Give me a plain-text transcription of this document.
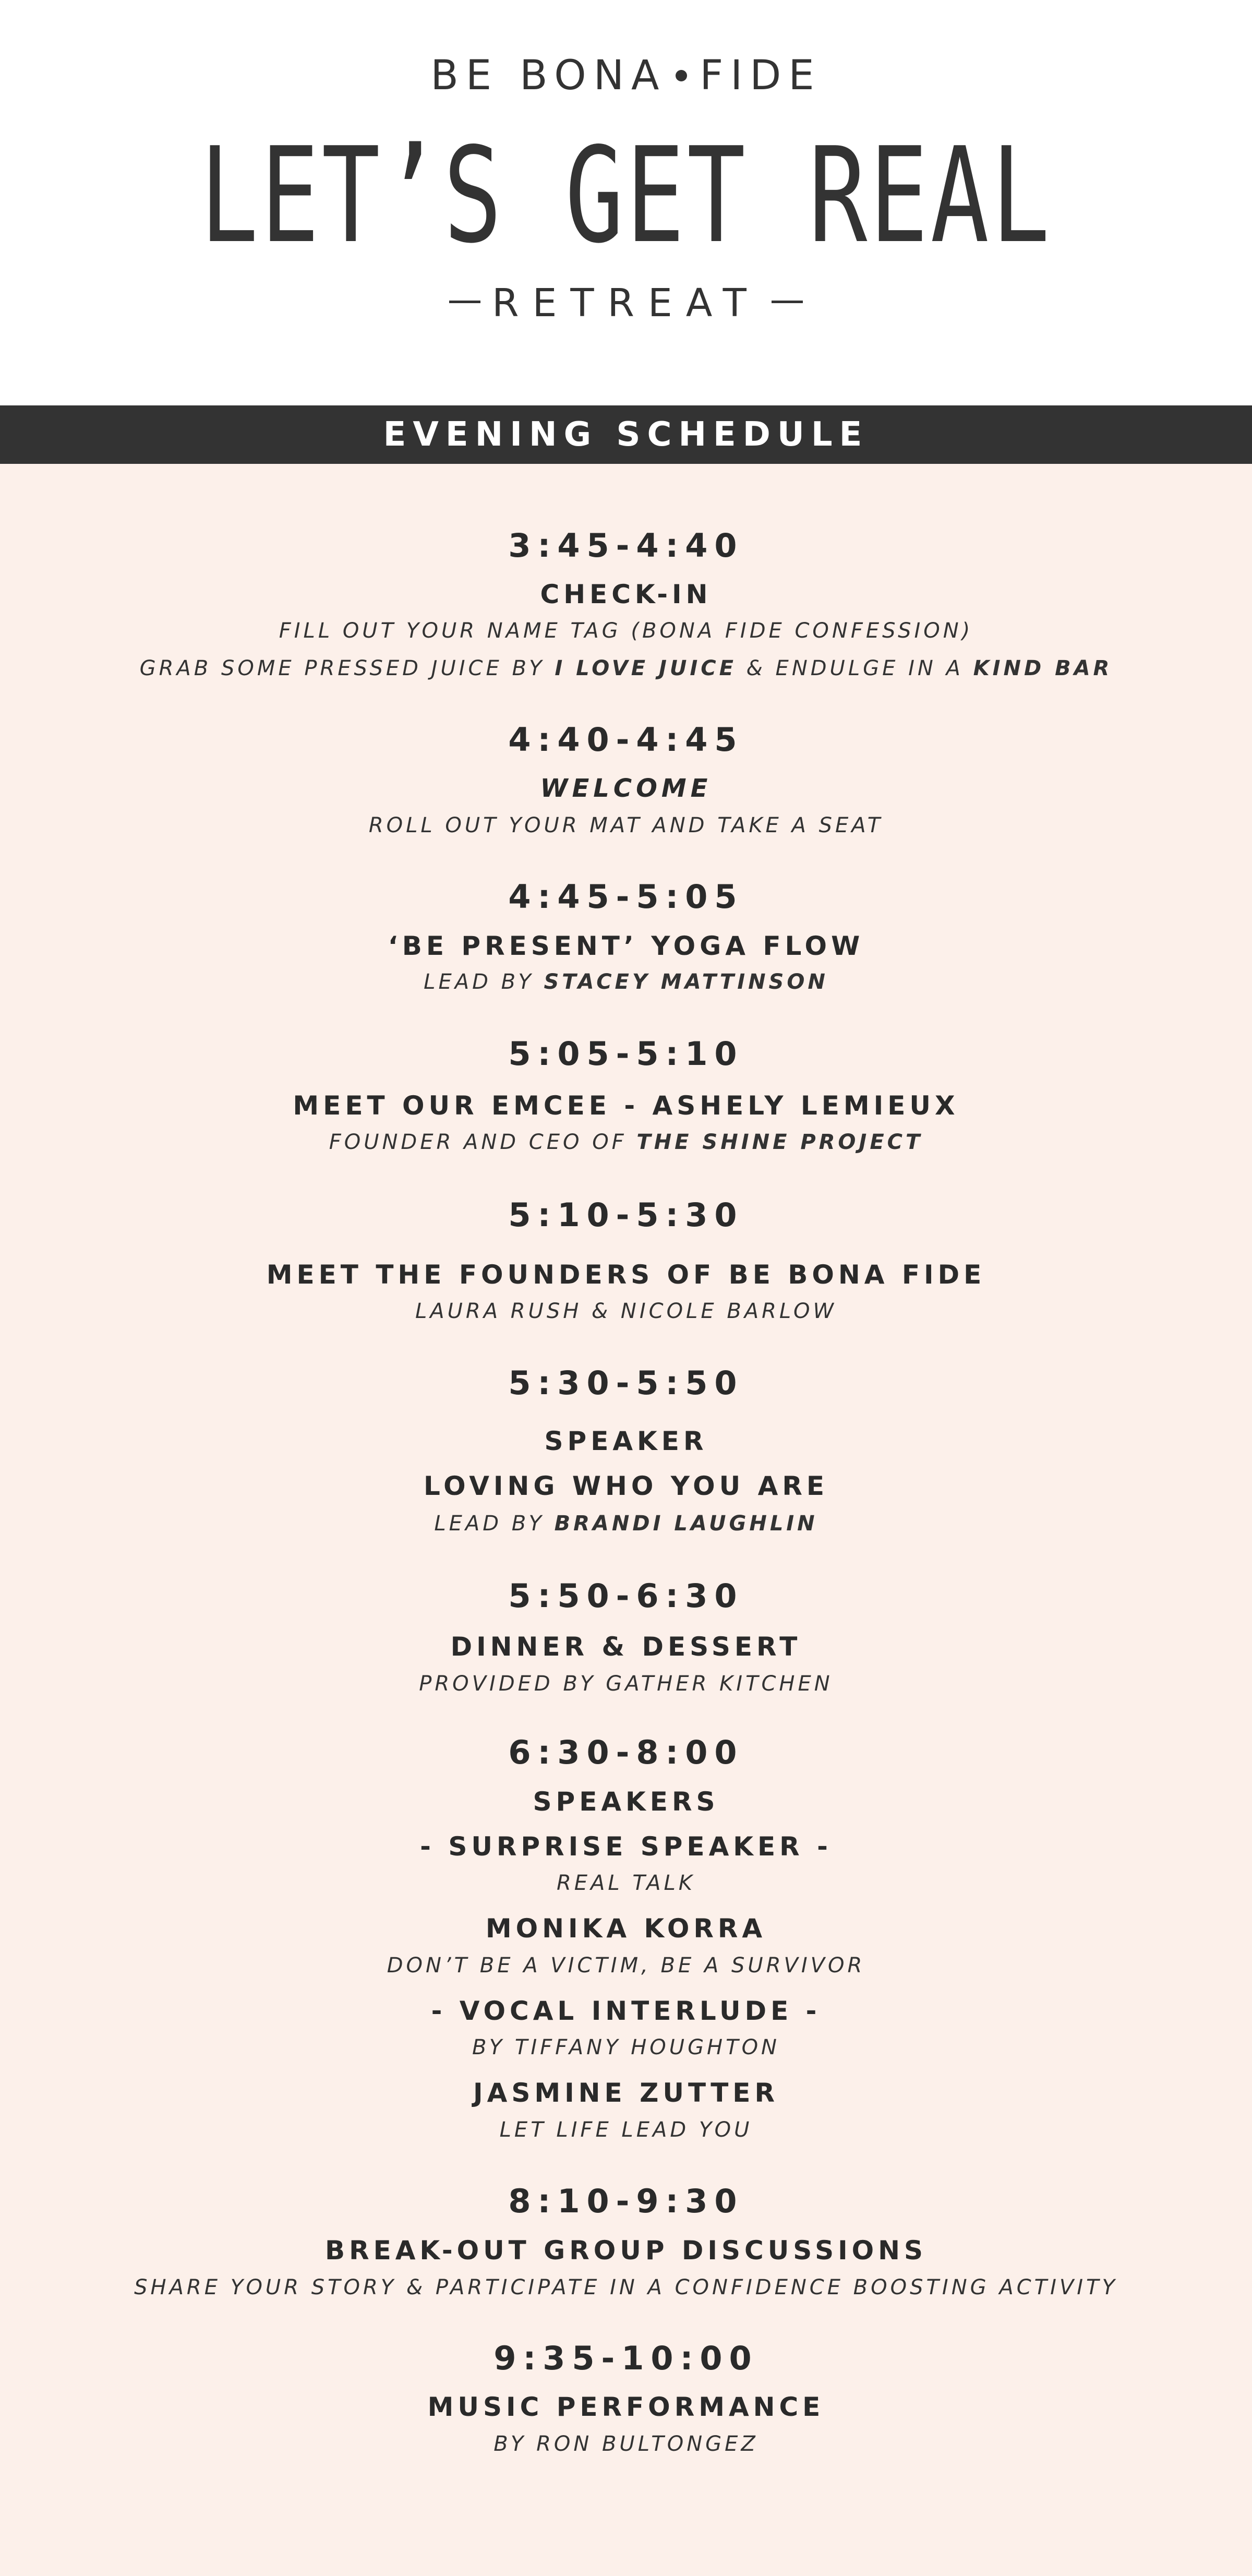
BE BONA FIDE
LET’S GET REAL
RETREAT
EVENING SCHEDULE
3:45-4:40
CHECK-IN
FILL OUT YOUR NAME TAG (BONA FIDE CONFESSION)
GRAB SOME PRESSED JUICE BY I LOVE JUICE & ENDULGE IN A KIND BAR
4:40-4:45
WELCOME
ROLL OUT YOUR MAT AND TAKE A SEAT
4:45-5:05
‘BE PRESENT’ YOGA FLOW
LEAD BY STACEY MATTINSON
5:05-5:10
MEET OUR EMCEE - ASHELY LEMIEUX
FOUNDER AND CEO OF THE SHINE PROJECT
5:10-5:30
MEET THE FOUNDERS OF BE BONA FIDE
LAURA RUSH & NICOLE BARLOW
5:30-5:50
SPEAKER
LOVING WHO YOU ARE
LEAD BY BRANDI LAUGHLIN
5:50-6:30
DINNER & DESSERT
PROVIDED BY GATHER KITCHEN
6:30-8:00
SPEAKERS
- SURPRISE SPEAKER -
REAL TALK
MONIKA KORRA
DON’T BE A VICTIM, BE A SURVIVOR
- VOCAL INTERLUDE -
BY TIFFANY HOUGHTON
JASMINE ZUTTER
LET LIFE LEAD YOU
8:10-9:30
BREAK-OUT GROUP DISCUSSIONS
SHARE YOUR STORY & PARTICIPATE IN A CONFIDENCE BOOSTING ACTIVITY
9:35-10:00
MUSIC PERFORMANCE
BY RON BULTONGEZ
